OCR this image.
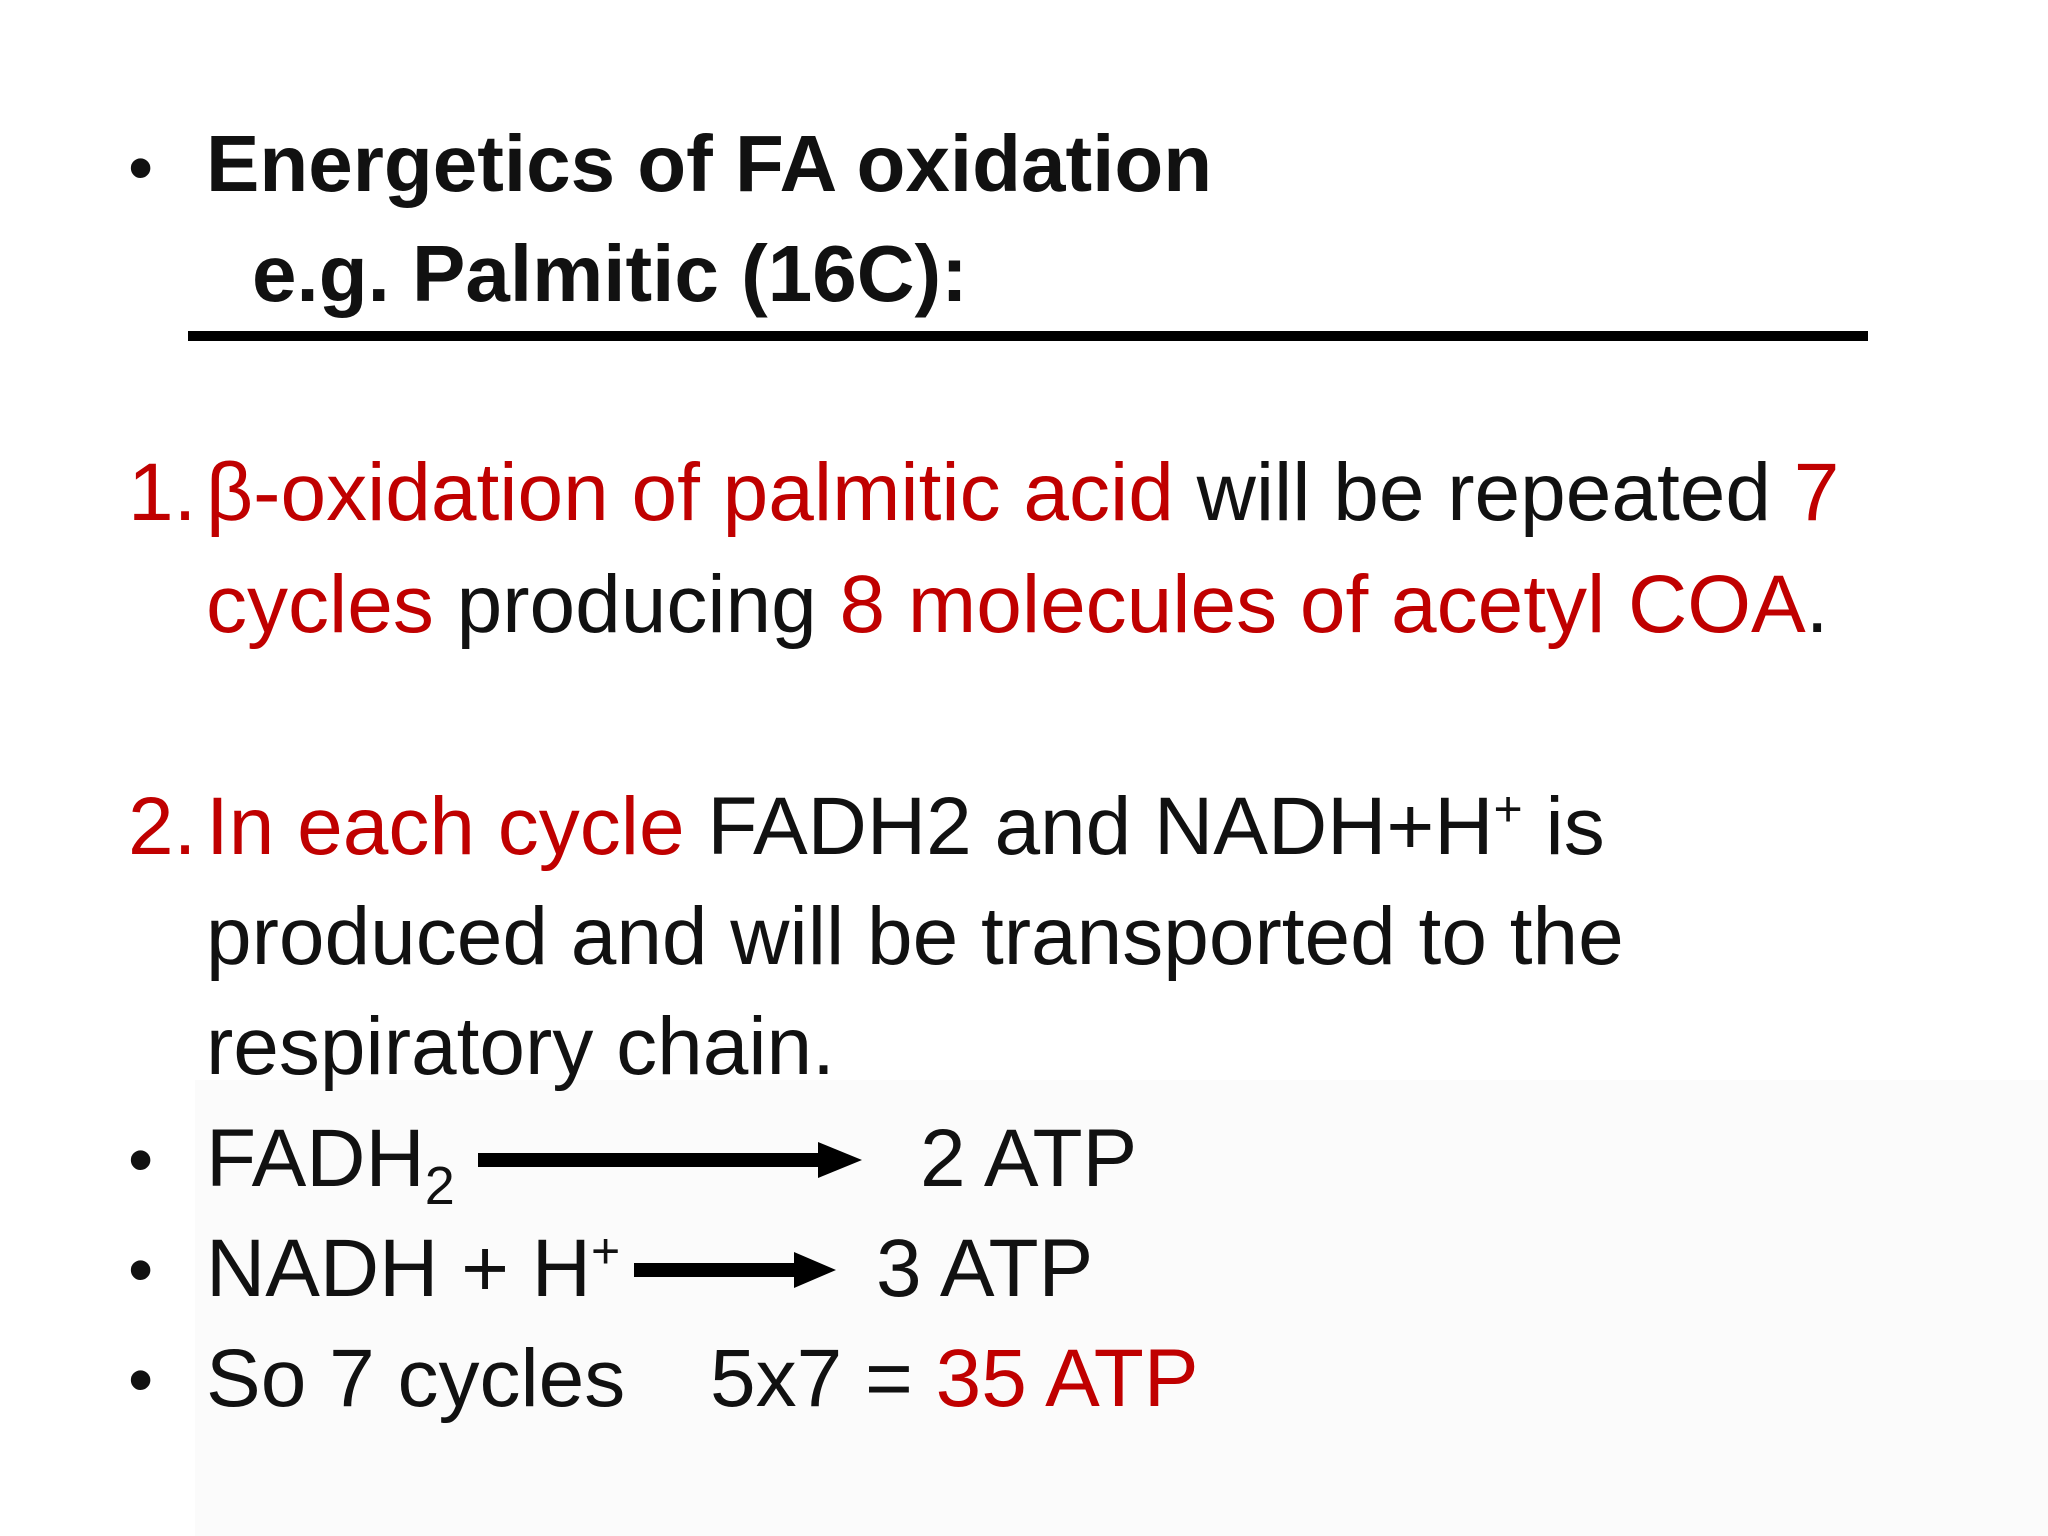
• Energetics of FA oxidation
e.g. Palmitic (16C):
1. β-oxidation of palmitic acid will be repeated 7
cycles producing 8 molecules of acetyl COA.
2. In each cycle FADH2 and NADH+H+ is
produced and will be transported to the
respiratory chain.
• $FADH_2$	2 ATP
• NADH + H+	3 ATP
• So 7 cycles 5x7 = 35 ATP
